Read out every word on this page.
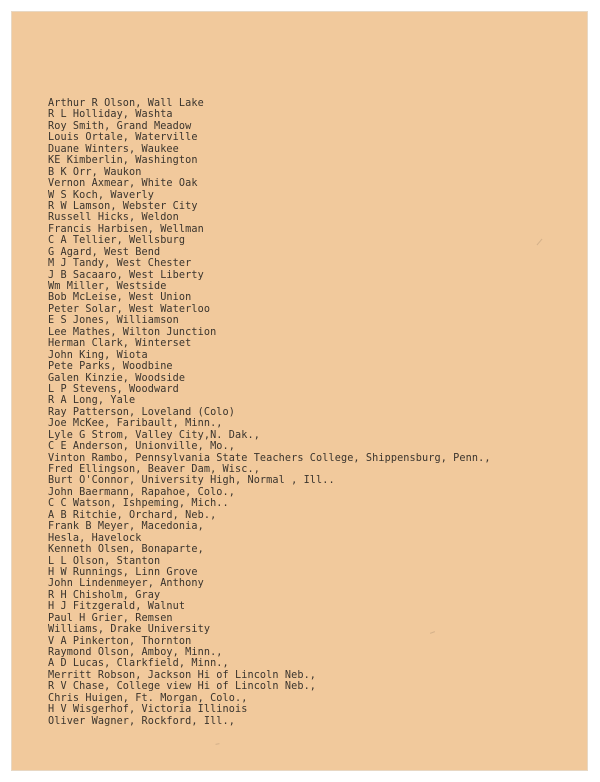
Arthur R Olson, Wall Lake
R L Holliday, Washta
Roy Smith, Grand Meadow
Louis Ortale, Waterville
Duane Winters, Waukee
KE Kimberlin, Washington
B K Orr, Waukon
Vernon Axmear, White Oak
W S Koch, Waverly
R W Lamson, Webster City
Russell Hicks, Weldon
Francis Harbisen, Wellman
C A Tellier, Wellsburg
G Agard, West Bend
M J Tandy, West Chester
J B Sacaaro, West Liberty
Wm Miller, Westside
Bob McLeise, West Union
Peter Solar, West Waterloo
E S Jones, Williamson
Lee Mathes, Wilton Junction
Herman Clark, Winterset
John King, Wiota
Pete Parks, Woodbine
Galen Kinzie, Woodside
L P Stevens, Woodward
R A Long, Yale
Ray Patterson, Loveland (Colo)
Joe McKee, Faribault, Minn.,
Lyle G Strom, Valley City,N. Dak.,
C E Anderson, Unionville, Mo.,
Vinton Rambo, Pennsylvania State Teachers College, Shippensburg, Penn.,
Fred Ellingson, Beaver Dam, Wisc.,
Burt O'Connor, University High, Normal , Ill..
John Baermann, Rapahoe, Colo.,
C C Watson, Ishpeming, Mich..
A B Ritchie, Orchard, Neb.,
Frank B Meyer, Macedonia,
Hesla, Havelock
Kenneth Olsen, Bonaparte,
L L Olson, Stanton
H W Runnings, Linn Grove
John Lindenmeyer, Anthony
R H Chisholm, Gray
H J Fitzgerald, Walnut
Paul H Grier, Remsen
Williams, Drake University
V A Pinkerton, Thornton
Raymond Olson, Amboy, Minn.,
A D Lucas, Clarkfield, Minn.,
Merritt Robson, Jackson Hi of Lincoln Neb.,
R V Chase, College view Hi of Lincoln Neb.,
Chris Huigen, Ft. Morgan, Colo.,
H V Wisgerhof, Victoria Illinois
Oliver Wagner, Rockford, Ill.,
